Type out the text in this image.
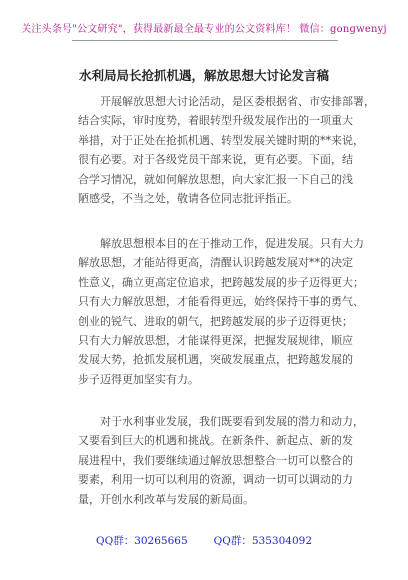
关注头条号"公文研究"，获得最新最全最专业的公文资料库！ 微信：gongwenyj
水利局局长抢抓机遇，解放思想大讨论发言稿
开展解放思想大讨论活动，是区委根据省、市安排部署，
结合实际，审时度势，着眼转型升级发展作出的一项重大
举措，对于正处在抢抓机遇、转型发展关键时期的**来说，
很有必要。对于各级党员干部来说，更有必要。下面，结
合学习情况，就如何解放思想，向大家汇报一下自己的浅
陋感受，不当之处，敬请各位同志批评指正。
解放思想根本目的在于推动工作，促进发展。只有大力
解放思想，才能站得更高，清醒认识跨越发展对**的决定
性意义，确立更高定位追求，把跨越发展的步子迈得更大；
只有大力解放思想，才能看得更远，始终保持干事的勇气、
创业的锐气、进取的朝气，把跨越发展的步子迈得更快；
只有大力解放思想，才能谋得更深，把握发展规律，顺应
发展大势，抢抓发展机遇，突破发展重点，把跨越发展的
步子迈得更加坚实有力。
对于水利事业发展，我们既要看到发展的潜力和动力，
又要看到巨大的机遇和挑战。在新条件、新起点、新的发
展进程中，我们要继续通过解放思想整合一切可以整合的
要素，利用一切可以利用的资源，调动一切可以调动的力
量，开创水利改革与发展的新局面。
QQ群：30265665 QQ群：535304092
